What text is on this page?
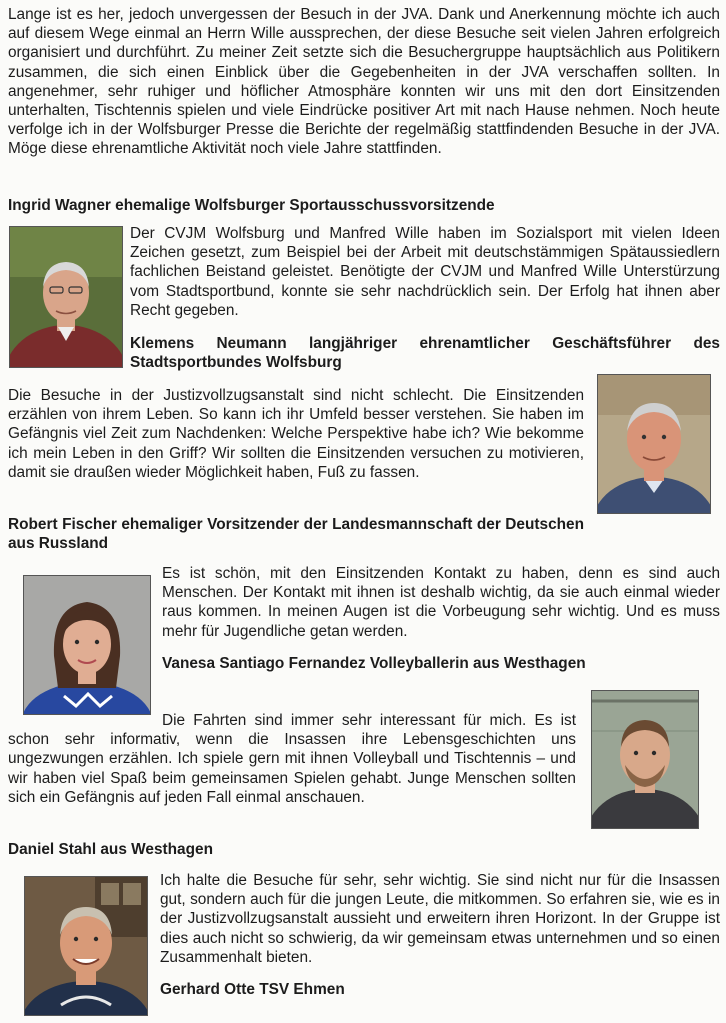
Lange ist es her, jedoch unvergessen der Besuch in der JVA. Dank und Anerkennung möchte ich auch auf diesem Wege einmal an Herrn Wille aussprechen, der diese Besuche seit vielen Jahren erfolgreich organisiert und durchführt. Zu meiner Zeit setzte sich die Besuchergruppe hauptsächlich aus Politikern zusammen, die sich einen Einblick über die Gegebenheiten in der JVA verschaffen sollten. In angenehmer, sehr ruhiger und höflicher Atmosphäre konnten wir uns mit den dort Einsitzenden unterhalten, Tischtennis spielen und viele Eindrücke positiver Art mit nach Hause nehmen. Noch heute verfolge ich in der Wolfsburger Presse die Berichte der regelmäßig stattfindenden Besuche in der JVA. Möge diese ehrenamtliche Aktivität noch viele Jahre stattfinden.

Ingrid Wagner ehemalige Wolfsburger Sportausschussvorsitzende

Der CVJM Wolfsburg und Manfred Wille haben im Sozialsport mit vielen Ideen Zeichen gesetzt, zum Beispiel bei der Arbeit mit deutschstämmigen Spätaussiedlern fachlichen Beistand geleistet. Benötigte der CVJM und Manfred Wille Unterstürzung vom Stadtsportbund, konnte sie sehr nachdrücklich sein. Der Erfolg hat ihnen aber Recht gegeben.

Klemens Neumann langjähriger ehrenamtlicher Geschäftsführer des Stadtsportbundes Wolfsburg

Die Besuche in der Justizvollzugsanstalt sind nicht schlecht. Die Einsitzenden erzählen von ihrem Leben. So kann ich ihr Umfeld besser verstehen. Sie haben im Gefängnis viel Zeit zum Nachdenken: Welche Perspektive habe ich? Wie bekomme ich mein Leben in den Griff? Wir sollten die Einsitzenden versuchen zu motivieren, damit sie draußen wieder Möglichkeit haben, Fuß zu fassen.

Robert Fischer ehemaliger Vorsitzender der Landesmannschaft der Deutschen aus Russland

Es ist schön, mit den Einsitzenden Kontakt zu haben, denn es sind auch Menschen. Der Kontakt mit ihnen ist deshalb wichtig, da sie auch einmal wieder raus kommen. In meinen Augen ist die Vorbeugung sehr wichtig. Und es muss mehr für Jugendliche getan werden.

Vanesa Santiago Fernandez Volleyballerin aus Westhagen

Die Fahrten sind immer sehr interessant für mich. Es ist schon sehr informativ, wenn die Insassen ihre Lebensgeschichten uns ungezwungen erzählen. Ich spiele gern mit ihnen Volleyball und Tischtennis – und wir haben viel Spaß beim gemeinsamen Spielen gehabt. Junge Menschen sollten sich ein Gefängnis auf jeden Fall einmal anschauen.

Daniel Stahl aus Westhagen

Ich halte die Besuche für sehr, sehr wichtig. Sie sind nicht nur für die Insassen gut, sondern auch für die jungen Leute, die mitkommen. So erfahren sie, wie es in der Justizvollzugsanstalt aussieht und erweitern ihren Horizont. In der Gruppe ist dies auch nicht so schwierig, da wir gemeinsam etwas unternehmen und so einen Zusammenhalt bieten.

Gerhard Otte TSV Ehmen
